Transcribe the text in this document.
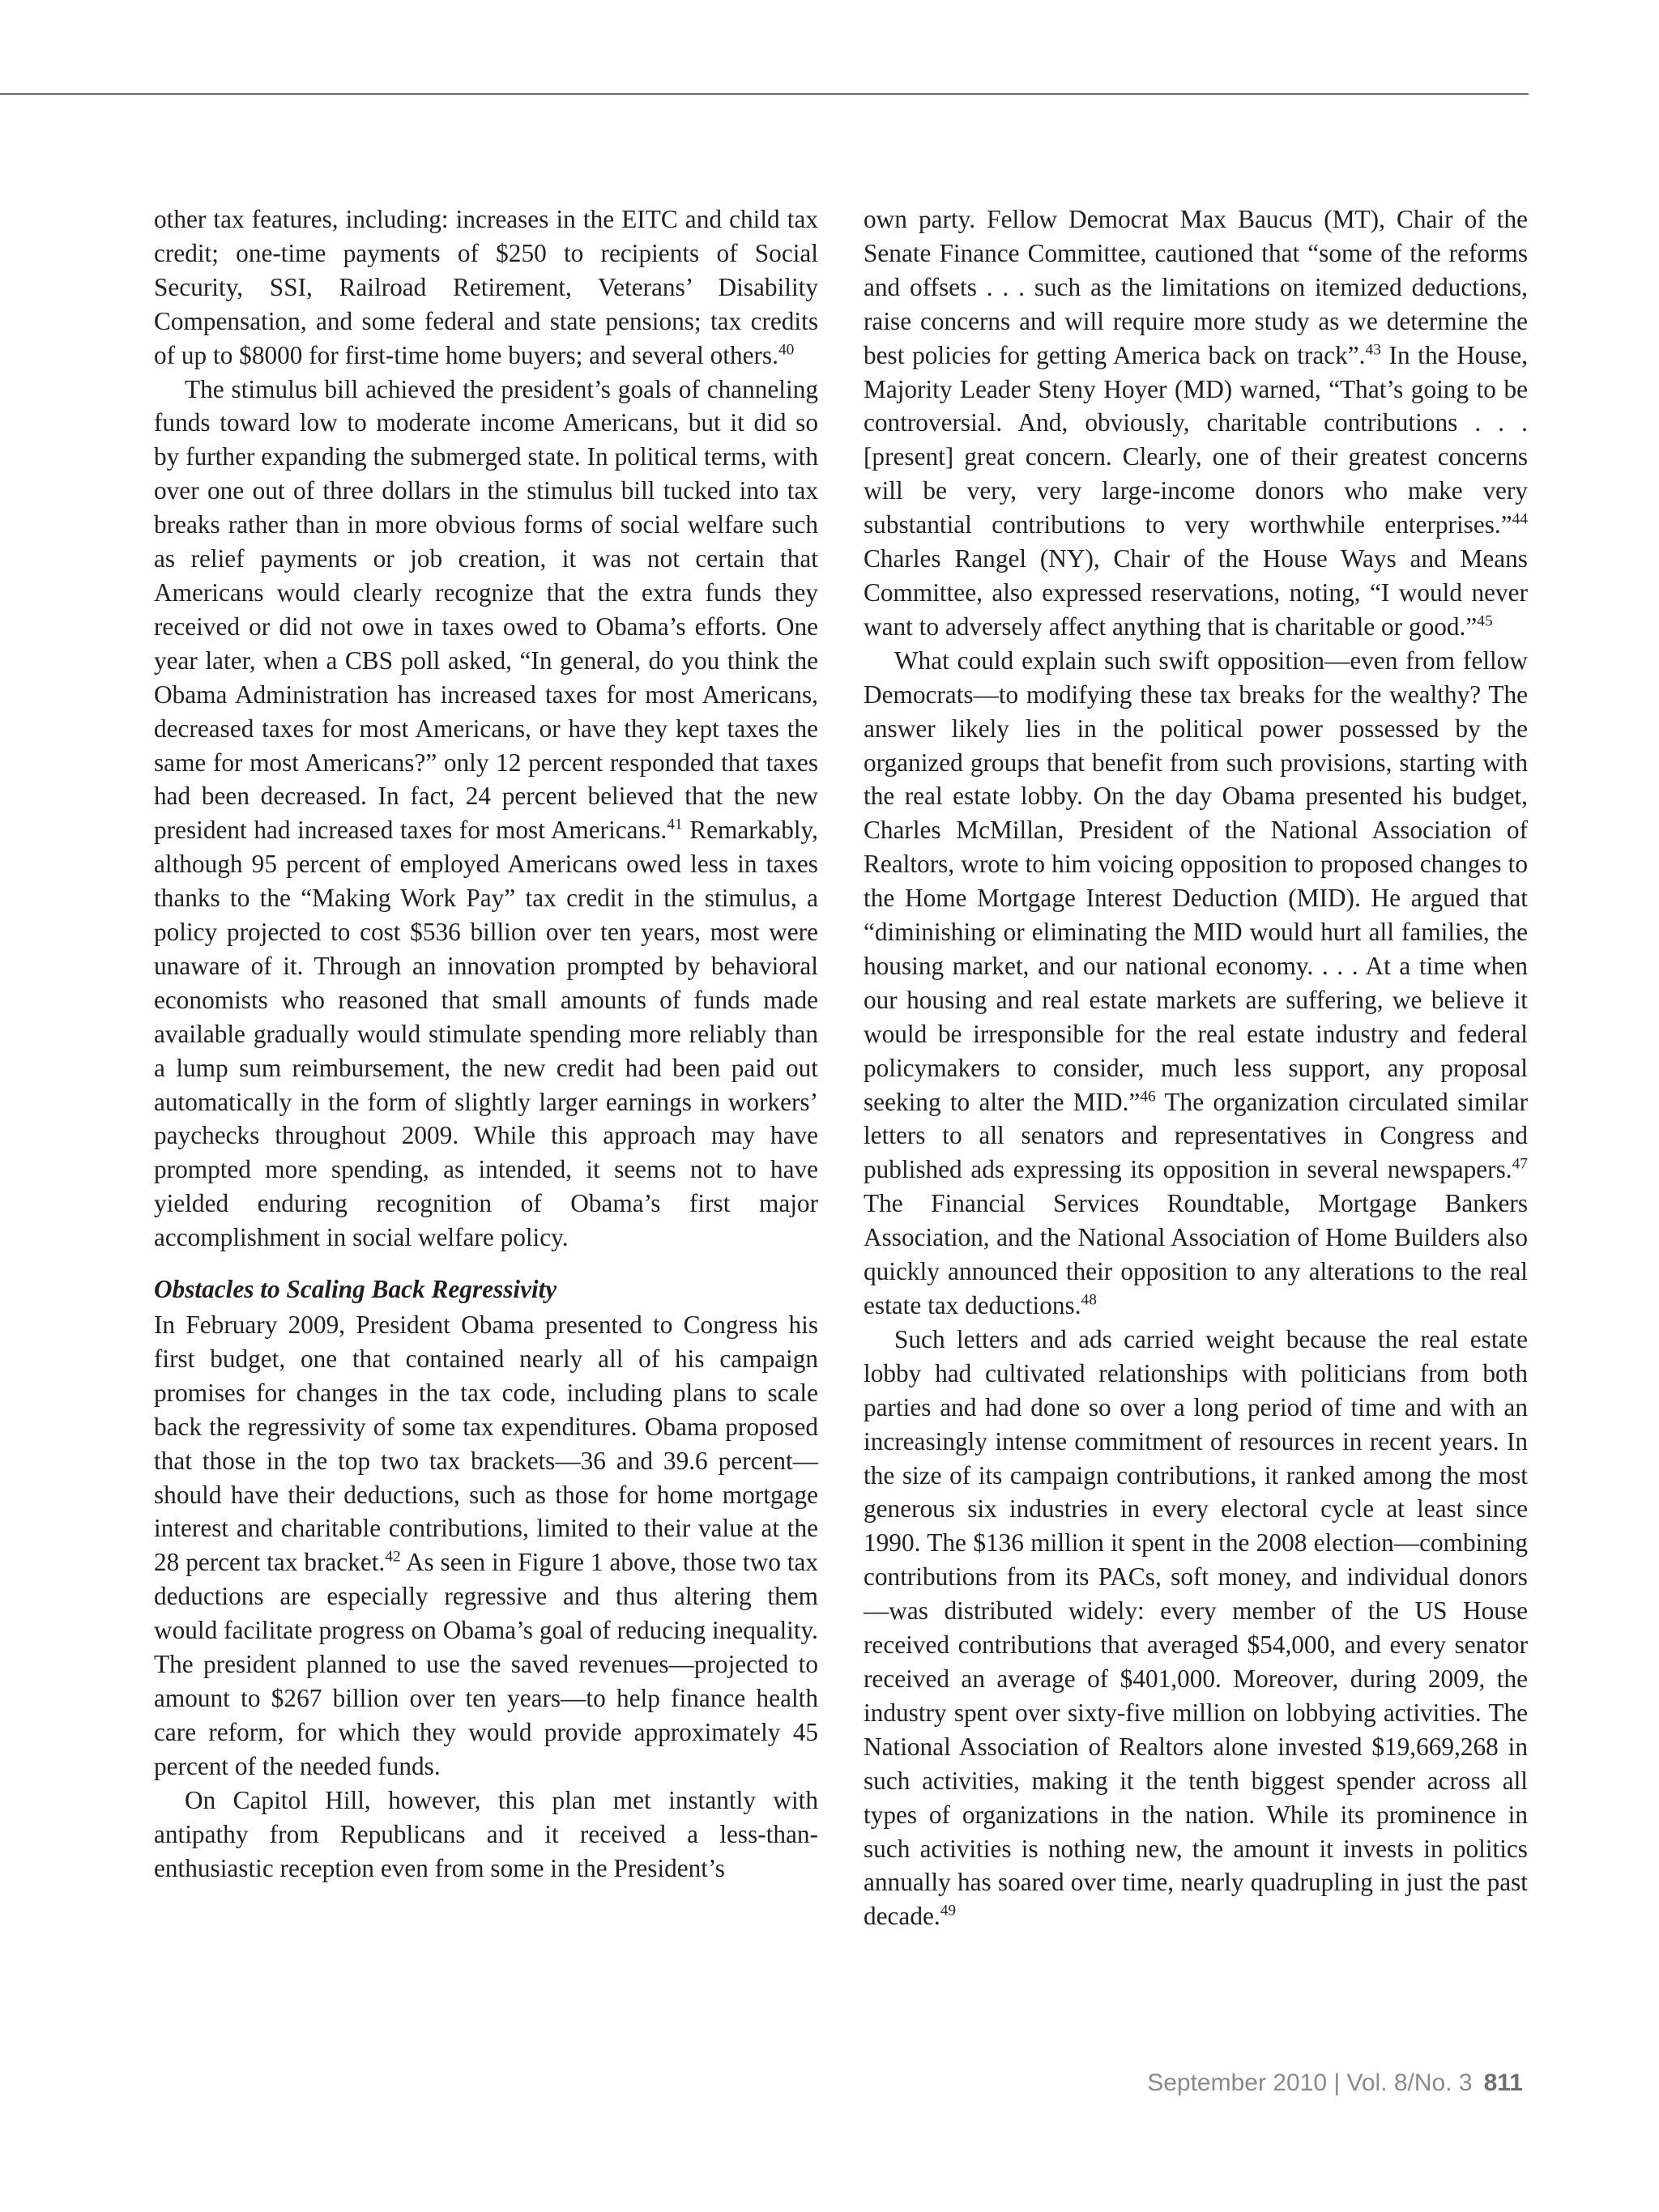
other tax features, including: increases in the EITC and child tax credit; one-time payments of $250 to recipients of Social Security, SSI, Railroad Retirement, Veterans’ Disability Compensation, and some federal and state pensions; tax credits of up to $8000 for first-time home buyers; and several others.$^{40}$

The stimulus bill achieved the president’s goals of channeling funds toward low to moderate income Americans, but it did so by further expanding the submerged state. In political terms, with over one out of three dollars in the stimulus bill tucked into tax breaks rather than in more obvious forms of social welfare such as relief payments or job creation, it was not certain that Americans would clearly recognize that the extra funds they received or did not owe in taxes owed to Obama’s efforts. One year later, when a CBS poll asked, “In general, do you think the Obama Administration has increased taxes for most Americans, decreased taxes for most Americans, or have they kept taxes the same for most Americans?” only 12 percent responded that taxes had been decreased. In fact, 24 percent believed that the new president had increased taxes for most Americans.$^{41}$ Remarkably, although 95 percent of employed Americans owed less in taxes thanks to the “Making Work Pay” tax credit in the stimulus, a policy projected to cost $536 billion over ten years, most were unaware of it. Through an innovation prompted by behavioral economists who reasoned that small amounts of funds made available gradually would stimulate spending more reliably than a lump sum reimbursement, the new credit had been paid out automatically in the form of slightly larger earnings in workers’ paychecks throughout 2009. While this approach may have prompted more spending, as intended, it seems not to have yielded enduring recognition of Obama’s first major accomplishment in social welfare policy.

Obstacles to Scaling Back Regressivity

In February 2009, President Obama presented to Congress his first budget, one that contained nearly all of his campaign promises for changes in the tax code, including plans to scale back the regressivity of some tax expenditures. Obama proposed that those in the top two tax brackets—36 and 39.6 percent—should have their deductions, such as those for home mortgage interest and charitable contributions, limited to their value at the 28 percent tax bracket.$^{42}$ As seen in Figure 1 above, those two tax deductions are especially regressive and thus altering them would facilitate progress on Obama’s goal of reducing inequality. The president planned to use the saved revenues—projected to amount to $267 billion over ten years—to help finance health care reform, for which they would provide approximately 45 percent of the needed funds.

On Capitol Hill, however, this plan met instantly with antipathy from Republicans and it received a less-than-enthusiastic reception even from some in the President’s

own party. Fellow Democrat Max Baucus (MT), Chair of the Senate Finance Committee, cautioned that “some of the reforms and offsets . . . such as the limitations on itemized deductions, raise concerns and will require more study as we determine the best policies for getting America back on track”.$^{43}$ In the House, Majority Leader Steny Hoyer (MD) warned, “That’s going to be controversial. And, obviously, charitable contributions . . . [present] great concern. Clearly, one of their greatest concerns will be very, very large-income donors who make very substantial contributions to very worthwhile enterprises.”$^{44}$ Charles Rangel (NY), Chair of the House Ways and Means Committee, also expressed reservations, noting, “I would never want to adversely affect anything that is charitable or good.”$^{45}$

What could explain such swift opposition—even from fellow Democrats—to modifying these tax breaks for the wealthy? The answer likely lies in the political power possessed by the organized groups that benefit from such provisions, starting with the real estate lobby. On the day Obama presented his budget, Charles McMillan, President of the National Association of Realtors, wrote to him voicing opposition to proposed changes to the Home Mortgage Interest Deduction (MID). He argued that “diminishing or eliminating the MID would hurt all families, the housing market, and our national economy. . . . At a time when our housing and real estate markets are suffering, we believe it would be irresponsible for the real estate industry and federal policymakers to consider, much less support, any proposal seeking to alter the MID.”$^{46}$ The organization circulated similar letters to all senators and representatives in Congress and published ads expressing its opposition in several newspapers.$^{47}$ The Financial Services Roundtable, Mortgage Bankers Association, and the National Association of Home Builders also quickly announced their opposition to any alterations to the real estate tax deductions.$^{48}$

Such letters and ads carried weight because the real estate lobby had cultivated relationships with politicians from both parties and had done so over a long period of time and with an increasingly intense commitment of resources in recent years. In the size of its campaign contributions, it ranked among the most generous six industries in every electoral cycle at least since 1990. The $136 million it spent in the 2008 election—combining contributions from its PACs, soft money, and individual donors—was distributed widely: every member of the US House received contributions that averaged $54,000, and every senator received an average of $401,000. Moreover, during 2009, the industry spent over sixty-five million on lobbying activities. The National Association of Realtors alone invested $19,669,268 in such activities, making it the tenth biggest spender across all types of organizations in the nation. While its prominence in such activities is nothing new, the amount it invests in politics annually has soared over time, nearly quadrupling in just the past decade.$^{49}$

September 2010 | Vol. 8/No. 3 811
